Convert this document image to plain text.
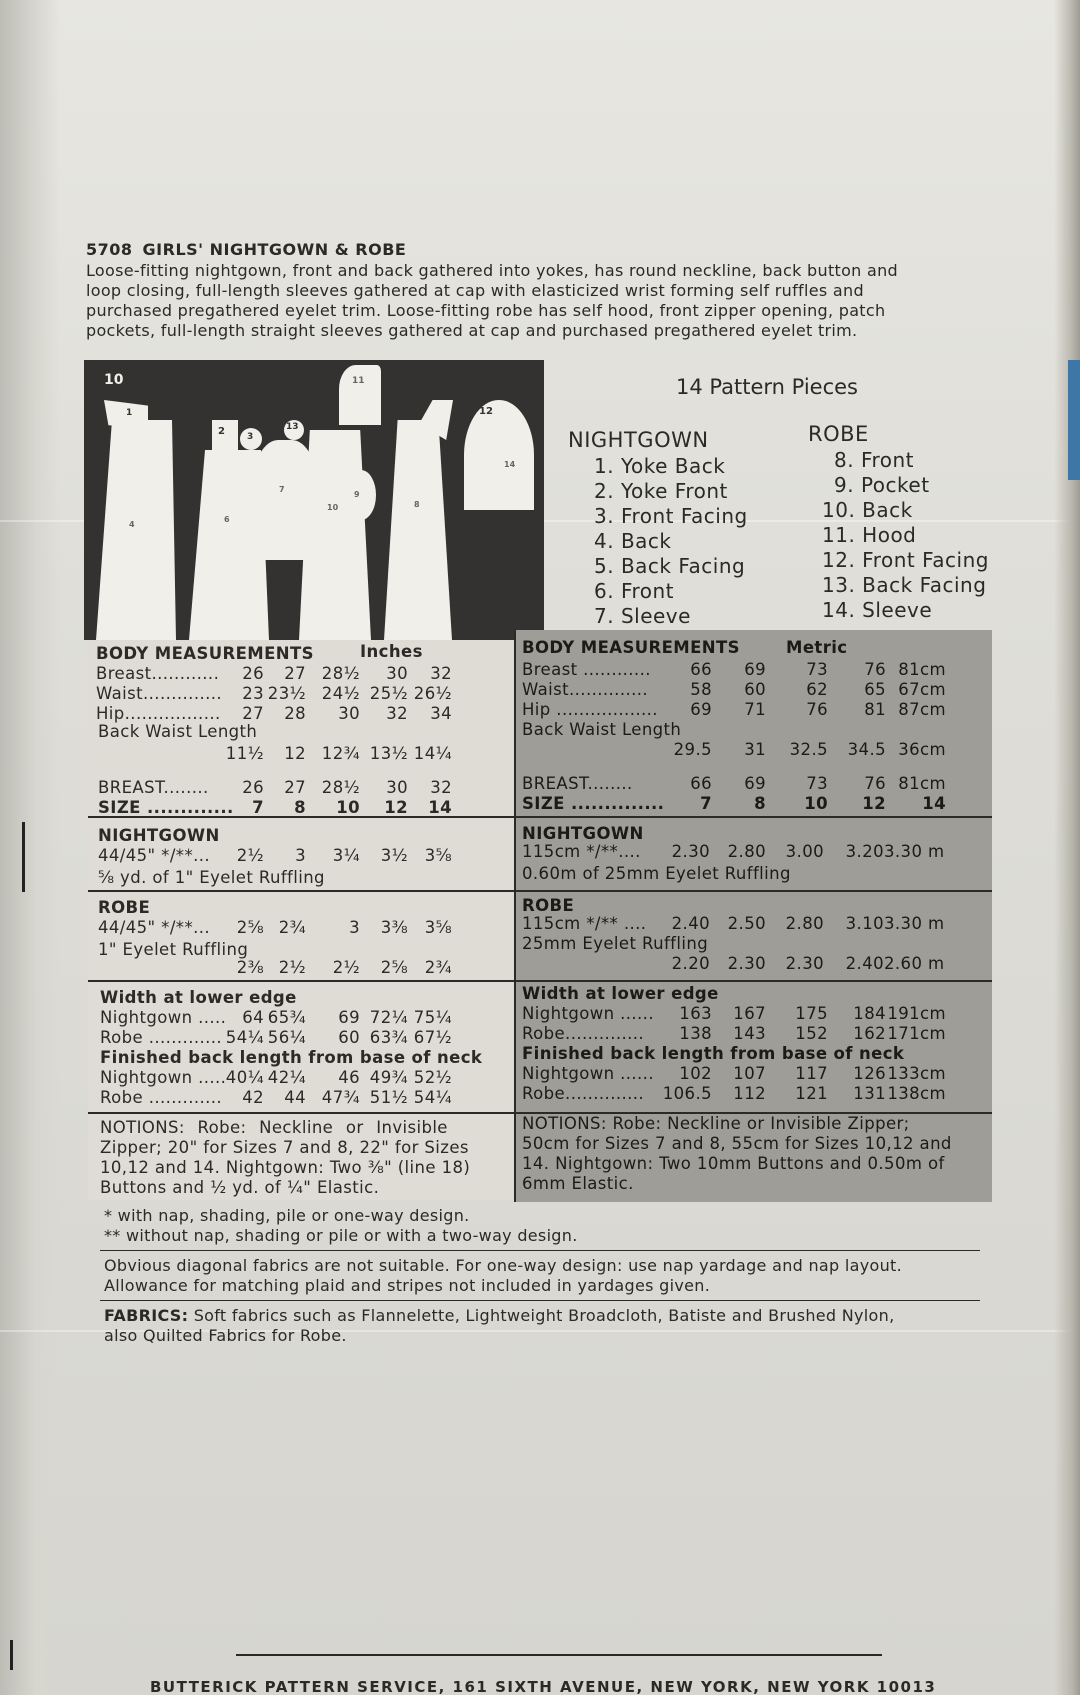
5708 GIRLS' NIGHTGOWN & ROBE
Loose-fitting nightgown, front and back gathered into yokes, has round neckline, back button and
loop closing, full-length sleeves gathered at cap with elasticized wrist forming self ruffles and
purchased pregathered eyelet trim. Loose-fitting robe has self hood, front zipper opening, patch
pockets, full-length straight sleeves gathered at cap and purchased pregathered eyelet trim.
10
1
2 3
13
11
12
14
4
6
7
10
9
8
14 Pattern Pieces
NIGHTGOWN
1. Yoke Back
2. Yoke Front
3. Front Facing
4. Back
5. Back Facing
6. Front
7. Sleeve
ROBE
8. Front
9. Pocket
10. Back
11. Hood
12. Front Facing
13. Back Facing
14. Sleeve
BODY MEASUREMENTS	Inches
Breast............	26	27 28½	30	32
Waist..............	23 23½ 24½ 25½ 26½
Hip.................	27	28	30	32	34
Back Waist Length
11½	12 12¾ 13½ 14¼
BREAST........	26	27 28½	30	32
SIZE .............	7	8	10	12	14
NIGHTGOWN
44/45" */**...	2½	3	3¼	3½	3⅝
⅝ yd. of 1" Eyelet Ruffling
ROBE
44/45" */**...	2⅝ 2¾	3	3⅜	3⅝
1" Eyelet Ruffling
2⅜ 2½	2½	2⅝	2¾
Width at lower edge
Nightgown ..... 64 65¾	69 72¼ 75¼
Robe ............. 54¼ 56¼	60 63¾ 67½
Finished back length from base of neck
Nightgown ..... 40¼ 42¼	46 49¾ 52½
Robe .............	42	44 47¾ 51½ 54¼
NOTIONS: Robe: Neckline or Invisible
Zipper; 20" for Sizes 7 and 8, 22" for Sizes
10,12 and 14. Nightgown: Two ⅜" (line 18)
Buttons and ½ yd. of ¼" Elastic.
BODY MEASUREMENTS	Metric
Breast ............	66	69	73	76 81cm
Waist..............	58	60	62	65 67cm
Hip ..................	69	71	76	81 87cm
Back Waist Length
29.5	31	32.5	34.5 36cm
BREAST........	66	69	73	76 81cm
SIZE ..............	7	8	10	12	14
NIGHTGOWN
115cm */**....	2.30	2.80	3.00	3.20 3.30 m
0.60m of 25mm Eyelet Ruffling
ROBE
115cm */** ....	2.40	2.50	2.80	3.10 3.30 m
25mm Eyelet Ruffling
2.20	2.30	2.30	2.40 2.60 m
Width at lower edge
Nightgown ......	163	167	175	184 191cm
Robe..............	138	143	152	162 171cm
Finished back length from base of neck
Nightgown ......	102	107	117	126 133cm
Robe..............	106.5	112	121	131 138cm
NOTIONS: Robe: Neckline or Invisible Zipper;
50cm for Sizes 7 and 8, 55cm for Sizes 10,12 and
14. Nightgown: Two 10mm Buttons and 0.50m of
6mm Elastic.
* with nap, shading, pile or one-way design.
** without nap, shading or pile or with a two-way design.
Obvious diagonal fabrics are not suitable. For one-way design: use nap yardage and nap layout.
Allowance for matching plaid and stripes not included in yardages given.
FABRICS: Soft fabrics such as Flannelette, Lightweight Broadcloth, Batiste and Brushed Nylon,
also Quilted Fabrics for Robe.
BUTTERICK PATTERN SERVICE, 161 SIXTH AVENUE, NEW YORK, NEW YORK 10013
